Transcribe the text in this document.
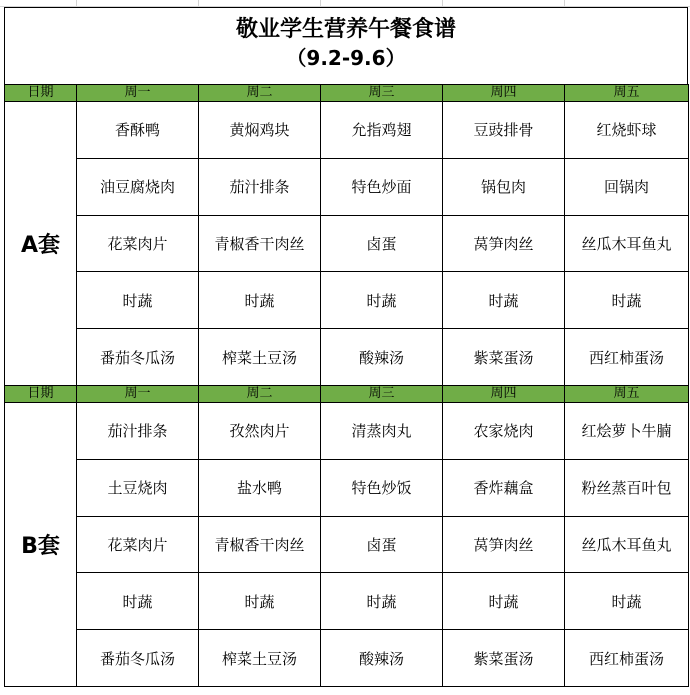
敬业学生营养午餐食谱
（9.2-9.6）
日期	周一	周二	周三	周四	周五
A套	香酥鸭	黄焖鸡块	允指鸡翅	豆豉排骨	红烧虾球
	油豆腐烧肉	茄汁排条	特色炒面	锅包肉	回锅肉
	花菜肉片	青椒香干肉丝	卤蛋	莴笋肉丝	丝瓜木耳鱼丸
	时蔬	时蔬	时蔬	时蔬	时蔬
	番茄冬瓜汤	榨菜土豆汤	酸辣汤	紫菜蛋汤	西红柿蛋汤
日期	周一	周二	周三	周四	周五
B套	茄汁排条	孜然肉片	清蒸肉丸	农家烧肉	红烩萝卜牛腩
	土豆烧肉	盐水鸭	特色炒饭	香炸藕盒	粉丝蒸百叶包
	花菜肉片	青椒香干肉丝	卤蛋	莴笋肉丝	丝瓜木耳鱼丸
	时蔬	时蔬	时蔬	时蔬	时蔬
	番茄冬瓜汤	榨菜土豆汤	酸辣汤	紫菜蛋汤	西红柿蛋汤
